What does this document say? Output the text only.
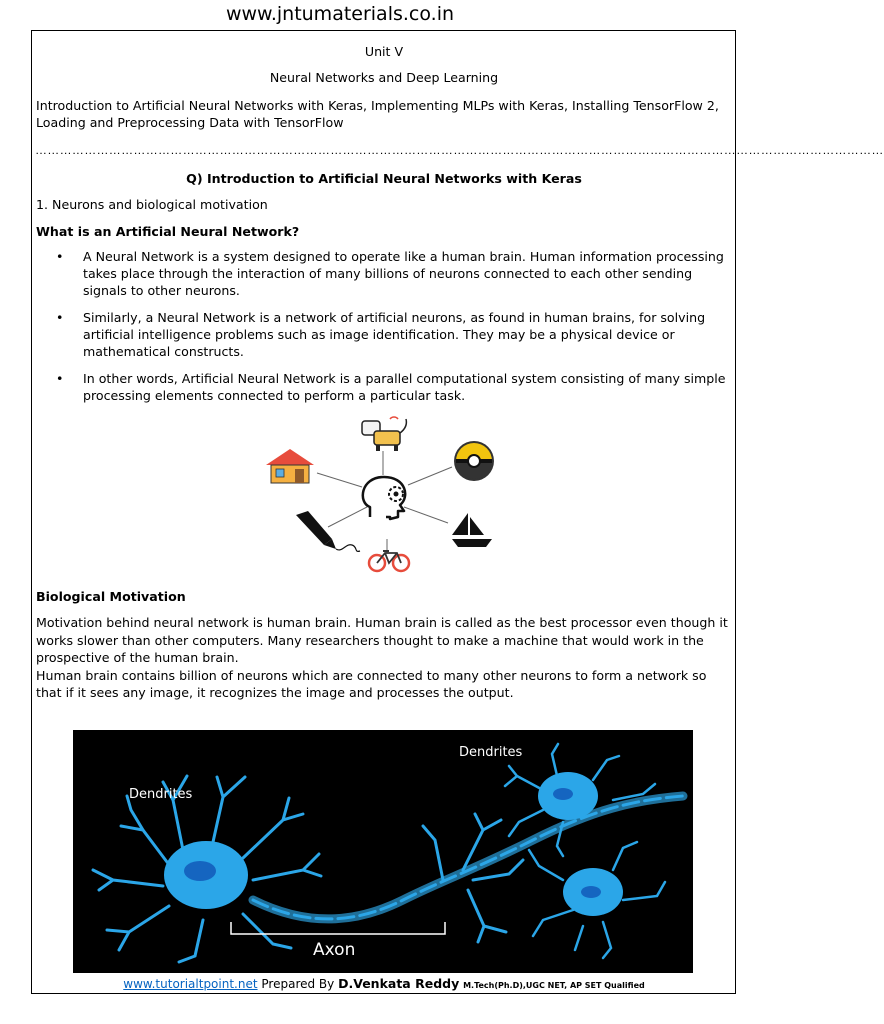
www.jntumaterials.co.in
Unit V
Neural Networks and Deep Learning
Introduction to Artificial Neural Networks with Keras, Implementing MLPs with Keras, Installing TensorFlow 2, Loading and Preprocessing Data with TensorFlow
………………………………………………………………………………………………………………………………………………………………………………………
Q) Introduction to Artificial Neural Networks with Keras
1. Neurons and biological motivation
What is an Artificial Neural Network?
• A Neural Network is a system designed to operate like a human brain. Human information processing takes place through the interaction of many billions of neurons connected to each other sending signals to other neurons.
• Similarly, a Neural Network is a network of artificial neurons, as found in human brains, for solving artificial intelligence problems such as image identification. They may be a physical device or mathematical constructs.
• In other words, Artificial Neural Network is a parallel computational system consisting of many simple processing elements connected to perform a particular task.
Biological Motivation
Motivation behind neural network is human brain. Human brain is called as the best processor even though it works slower than other computers. Many researchers thought to make a machine that would work in the prospective of the human brain.
Human brain contains billion of neurons which are connected to many other neurons to form a network so that if it sees any image, it recognizes the image and processes the output.
Dendrites
Dendrites
Axon
www.tutorialtpoint.net Prepared By D.Venkata Reddy M.Tech(Ph.D),UGC NET, AP SET Qualified
